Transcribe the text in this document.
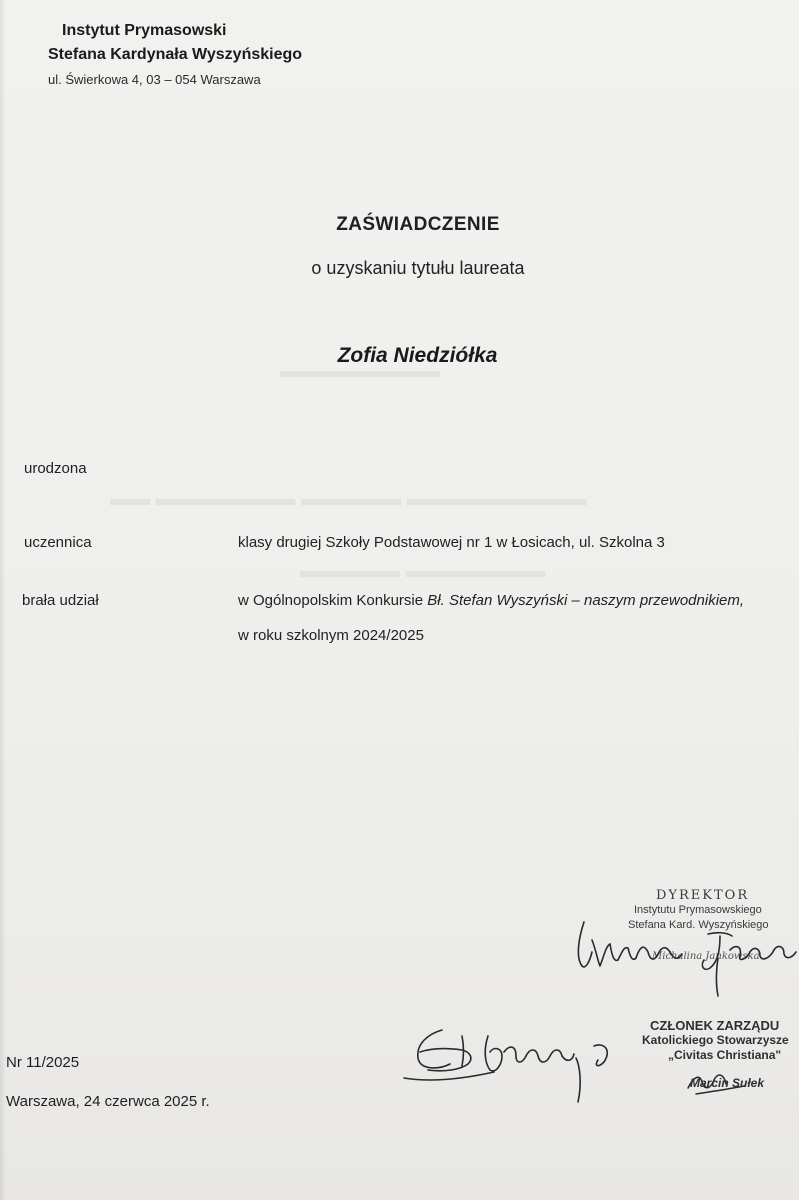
▬▬▬▬▬▬▬▬
▬▬ ▬▬▬▬▬▬▬ ▬▬▬▬▬ ▬▬▬▬▬▬▬▬▬
▬▬▬▬▬ ▬▬▬▬▬▬▬
Instytut Prymasowski
Stefana Kardynała Wyszyńskiego
ul. Świerkowa 4, 03 – 054 Warszawa
ZAŚWIADCZENIE
o uzyskaniu tytułu laureata
Zofia Niedziółka
urodzona
uczennica	klasy drugiej Szkoły Podstawowej nr 1 w Łosicach, ul. Szkolna 3
brała udział	w Ogólnopolskim Konkursie Bł. Stefan Wyszyński – naszym przewodnikiem,
w roku szkolnym 2024/2025
DYREKTOR
Instytutu Prymasowskiego
Stefana Kard. Wyszyńskiego
Michalina Jankowska
CZŁONEK ZARZĄDU
Katolickiego Stowarzysze
„Civitas Christiana"
Marcin Sułek
Nr 11/2025
Warszawa, 24 czerwca 2025 r.
